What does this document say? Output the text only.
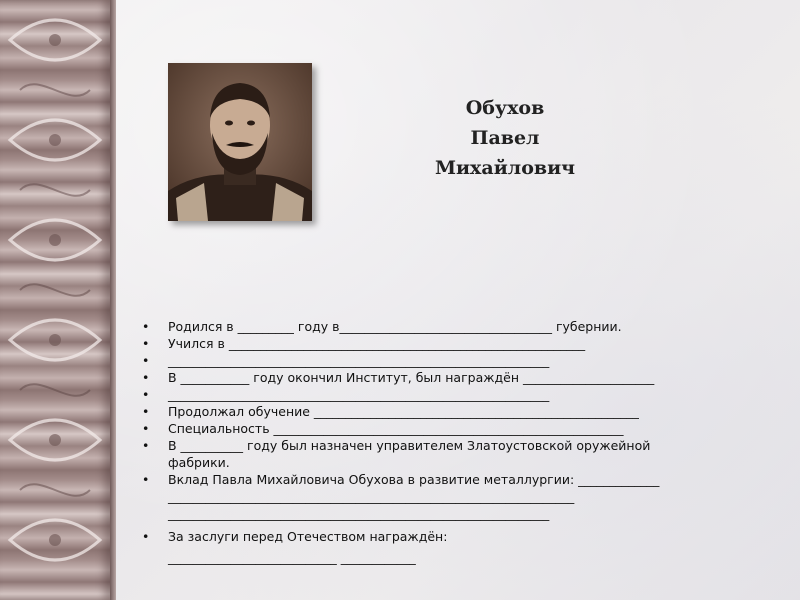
Обухов
Павел
Михайлович
• Родился в _________ году в__________________________________ губернии.
• Учился в _________________________________________________________
• _____________________________________________________________
• В ___________ году окончил Институт, был награждён _____________________
• _____________________________________________________________
• Продолжал обучение ____________________________________________________
• Специальность ________________________________________________________
• В __________ году был назначен управителем Златоустовской оружейной
фабрики.
• Вклад Павла Михайловича Обухова в развитие металлургии: _____________
_________________________________________________________________
_____________________________________________________________
• За заслуги перед Отечеством награждён:
___________________________ ____________
